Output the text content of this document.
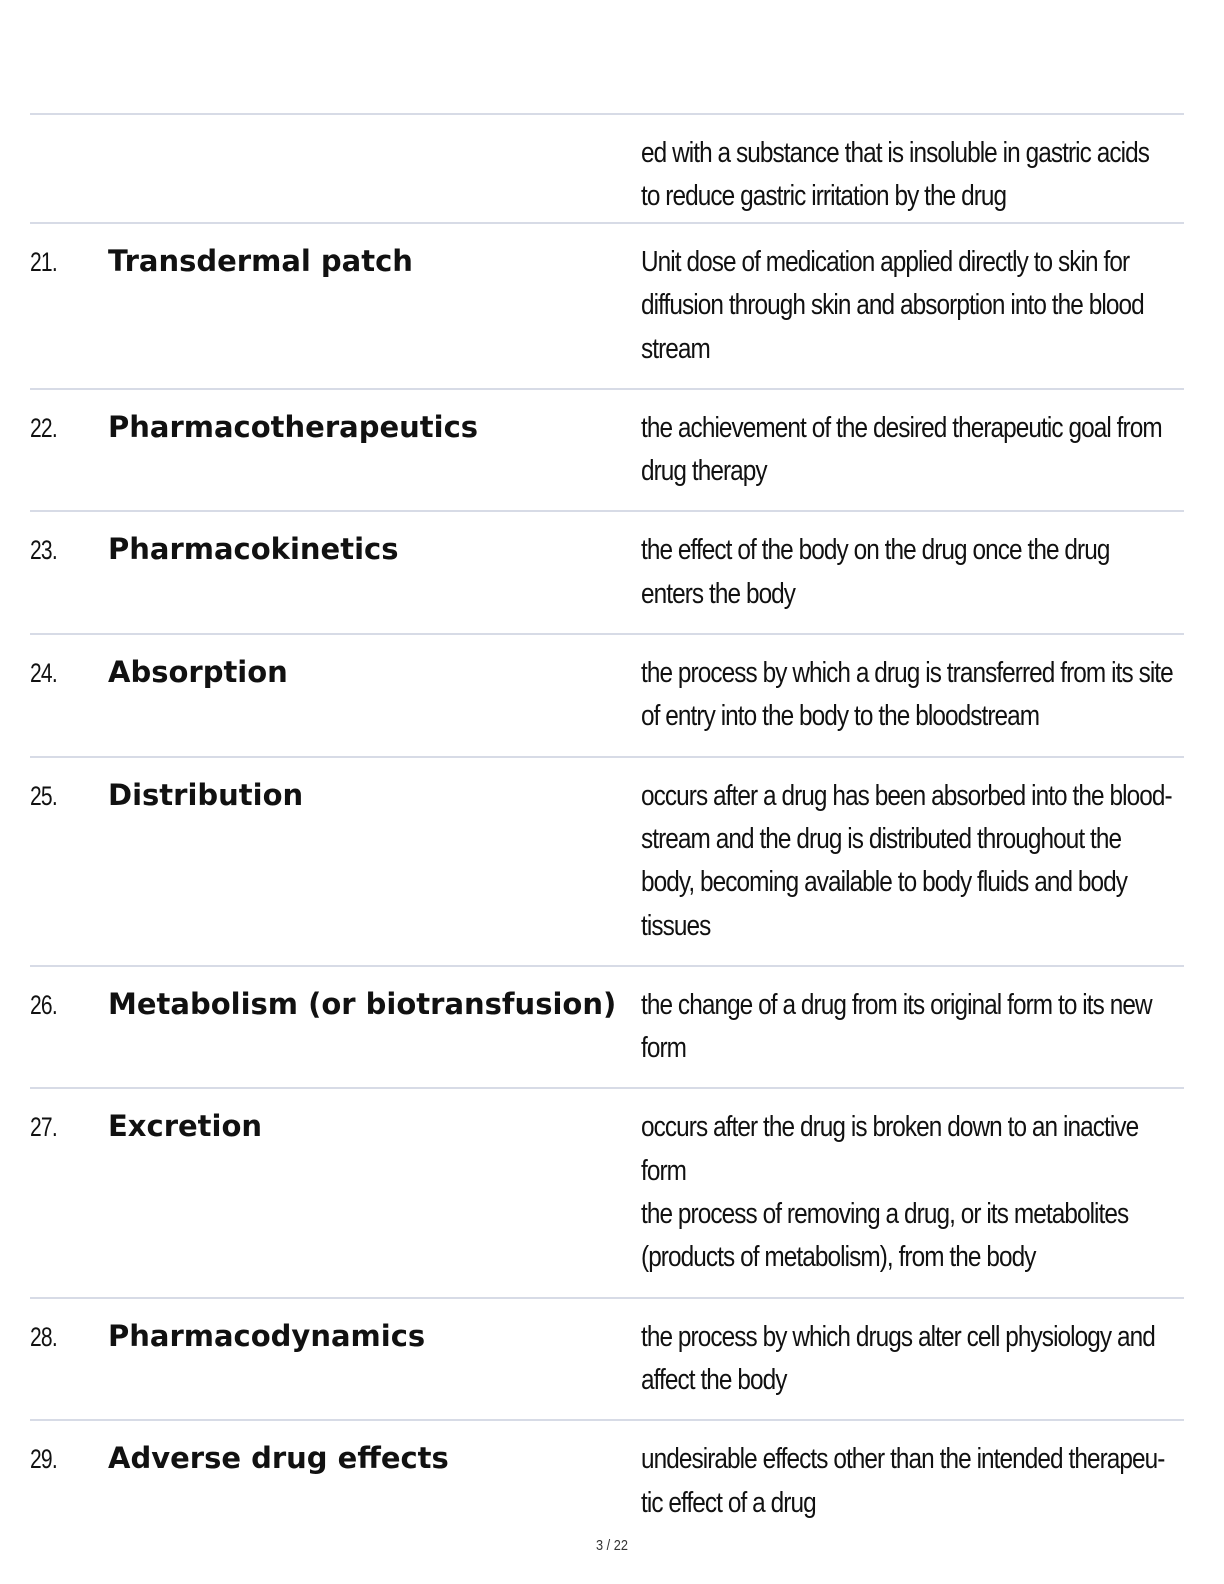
ed with a substance that is insoluble in gastric acids
to reduce gastric irritation by the drug
21.	Transdermal patch	Unit dose of medication applied directly to skin for
diffusion through skin and absorption into the blood
stream
22.	Pharmacotherapeutics	the achievement of the desired therapeutic goal from
drug therapy
23.	Pharmacokinetics	the effect of the body on the drug once the drug
enters the body
24.	Absorption	the process by which a drug is transferred from its site
of entry into the body to the bloodstream
25.	Distribution	occurs after a drug has been absorbed into the blood-
stream and the drug is distributed throughout the
body, becoming available to body fluids and body
tissues
26.	Metabolism (or biotransfusion) the change of a drug from its original form to its new
form
27.	Excretion	occurs after the drug is broken down to an inactive
form
the process of removing a drug, or its metabolites
(products of metabolism), from the body
28.	Pharmacodynamics	the process by which drugs alter cell physiology and
affect the body
29.	Adverse drug effects	undesirable effects other than the intended therapeu-
tic effect of a drug
3 / 22
